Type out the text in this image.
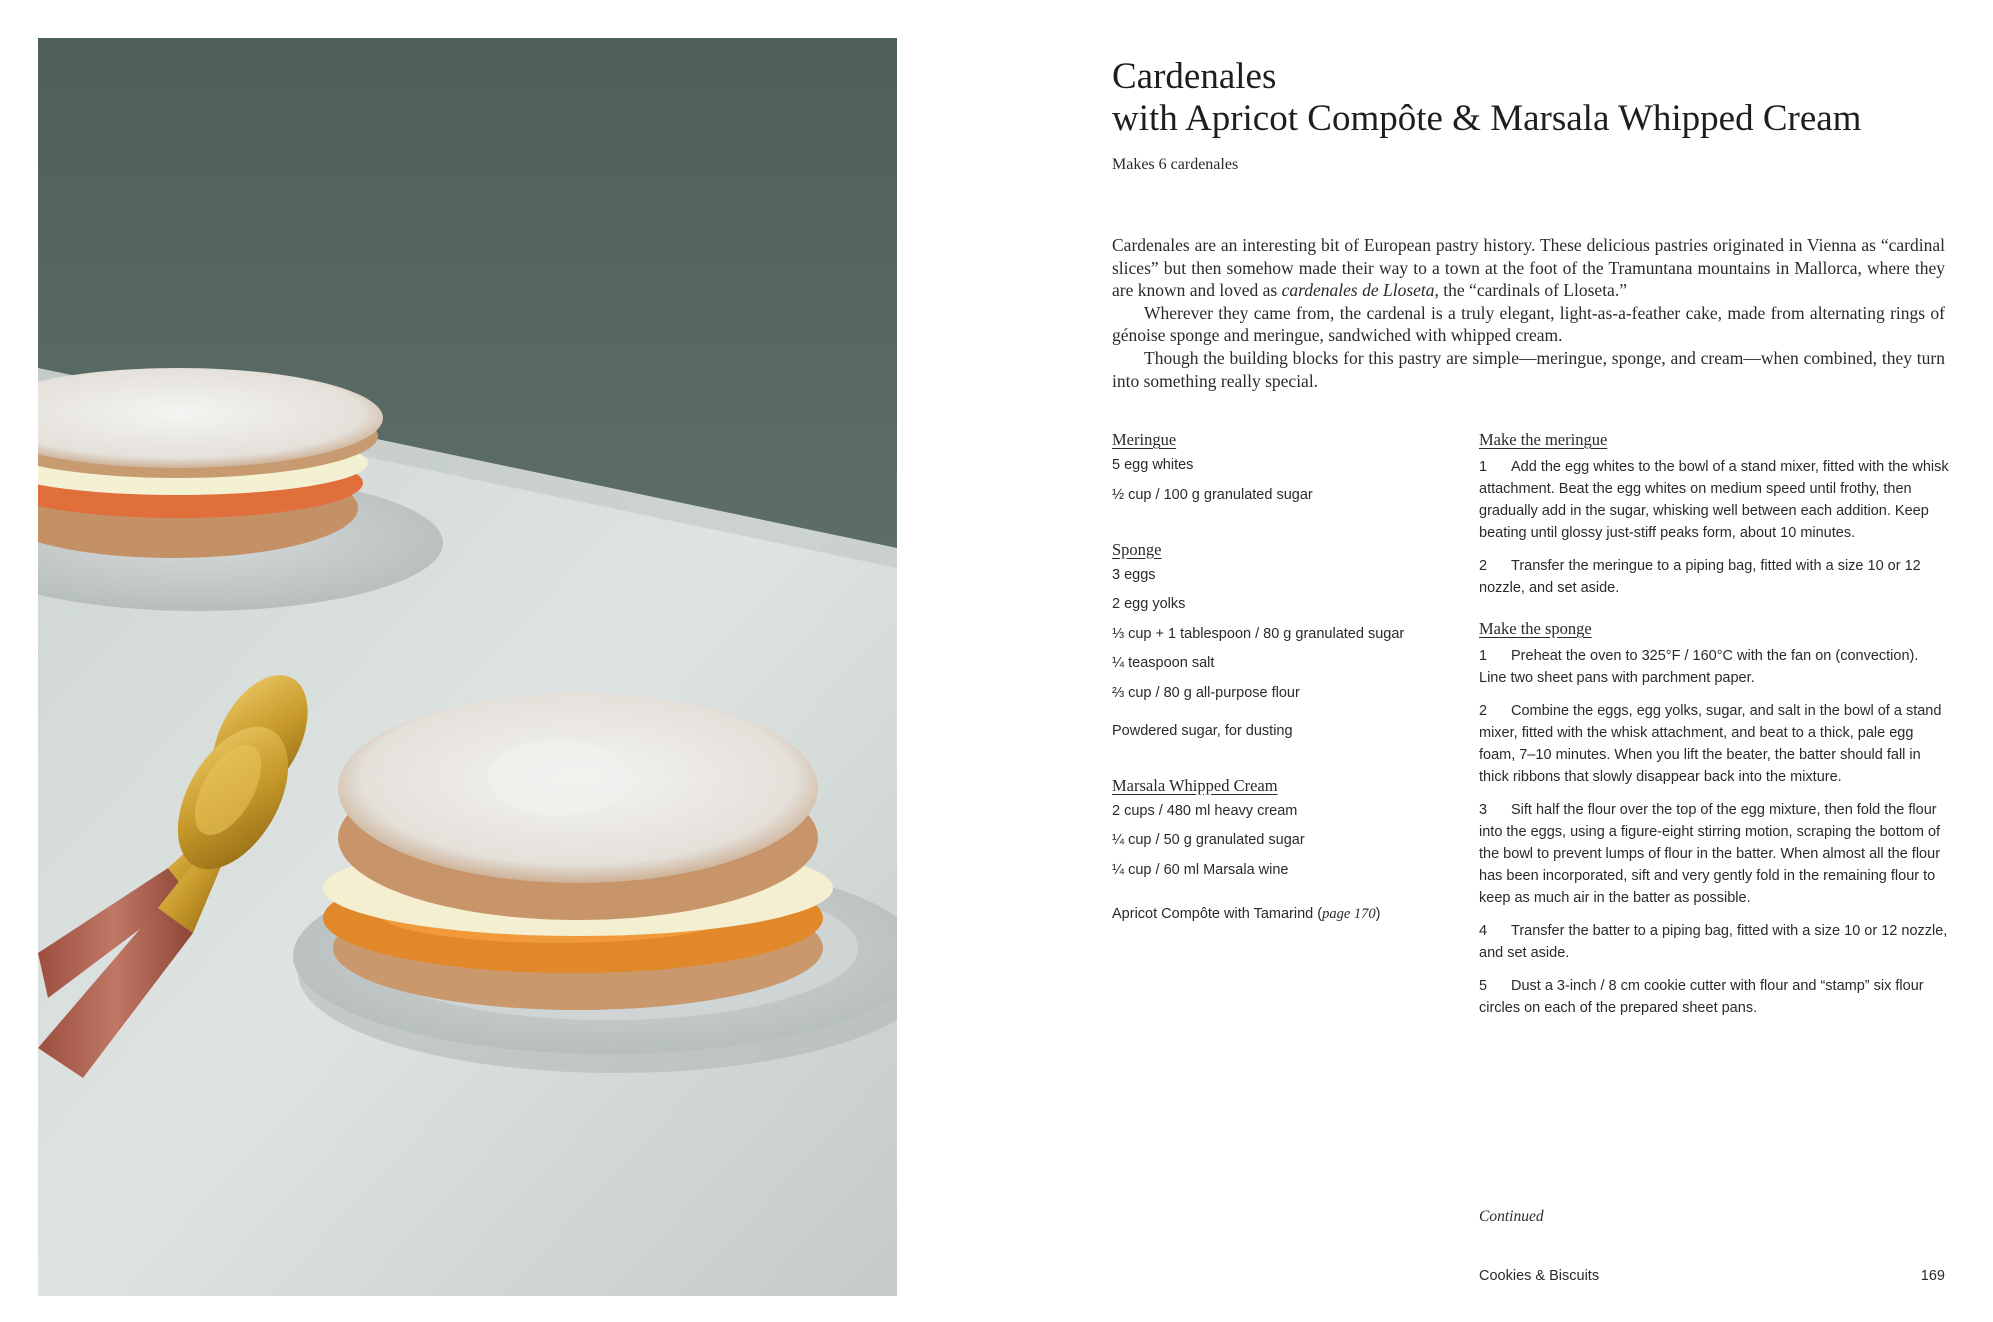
Cardenales
with Apricot Compôte & Marsala Whipped Cream
Makes 6 cardenales

Cardenales are an interesting bit of European pastry history. These delicious pastries originated in Vienna as “cardinal slices” but then somehow made their way to a town at the foot of the Tramuntana mountains in Mallorca, where they are known and loved as cardenales de Lloseta, the “cardinals of Lloseta.”

Wherever they came from, the cardenal is a truly elegant, light-as-a-feather cake, made from alternating rings of génoise sponge and meringue, sandwiched with whipped cream.

Though the building blocks for this pastry are simple—meringue, sponge, and cream—when combined, they turn into something really special.

Meringue
5 egg whites
½ cup / 100 g granulated sugar
Sponge
3 eggs
2 egg yolks
⅓ cup + 1 tablespoon / 80 g granulated sugar
¼ teaspoon salt
⅔ cup / 80 g all-purpose flour
Powdered sugar, for dusting
Marsala Whipped Cream
2 cups / 480 ml heavy cream
¼ cup / 50 g granulated sugar
¼ cup / 60 ml Marsala wine
Apricot Compôte with Tamarind (page 170)
Make the meringue
1 Add the egg whites to the bowl of a stand mixer, fitted with the whisk attachment. Beat the egg whites on medium speed until frothy, then gradually add in the sugar, whisking well between each addition. Keep beating until glossy just-stiff peaks form, about 10 minutes.
2 Transfer the meringue to a piping bag, fitted with a size 10 or 12 nozzle, and set aside.
Make the sponge
1 Preheat the oven to 325°F / 160°C with the fan on (convection). Line two sheet pans with parchment paper.
2 Combine the eggs, egg yolks, sugar, and salt in the bowl of a stand mixer, fitted with the whisk attachment, and beat to a thick, pale egg foam, 7–10 minutes. When you lift the beater, the batter should fall in thick ribbons that slowly disappear back into the mixture.
3 Sift half the flour over the top of the egg mixture, then fold the flour into the eggs, using a figure-eight stirring motion, scraping the bottom of the bowl to prevent lumps of flour in the batter. When almost all the flour has been incorporated, sift and very gently fold in the remaining flour to keep as much air in the batter as possible.
4 Transfer the batter to a piping bag, fitted with a size 10 or 12 nozzle, and set aside.
5 Dust a 3-inch / 8 cm cookie cutter with flour and “stamp” six flour circles on each of the prepared sheet pans.
Continued
Cookies & Biscuits	169
